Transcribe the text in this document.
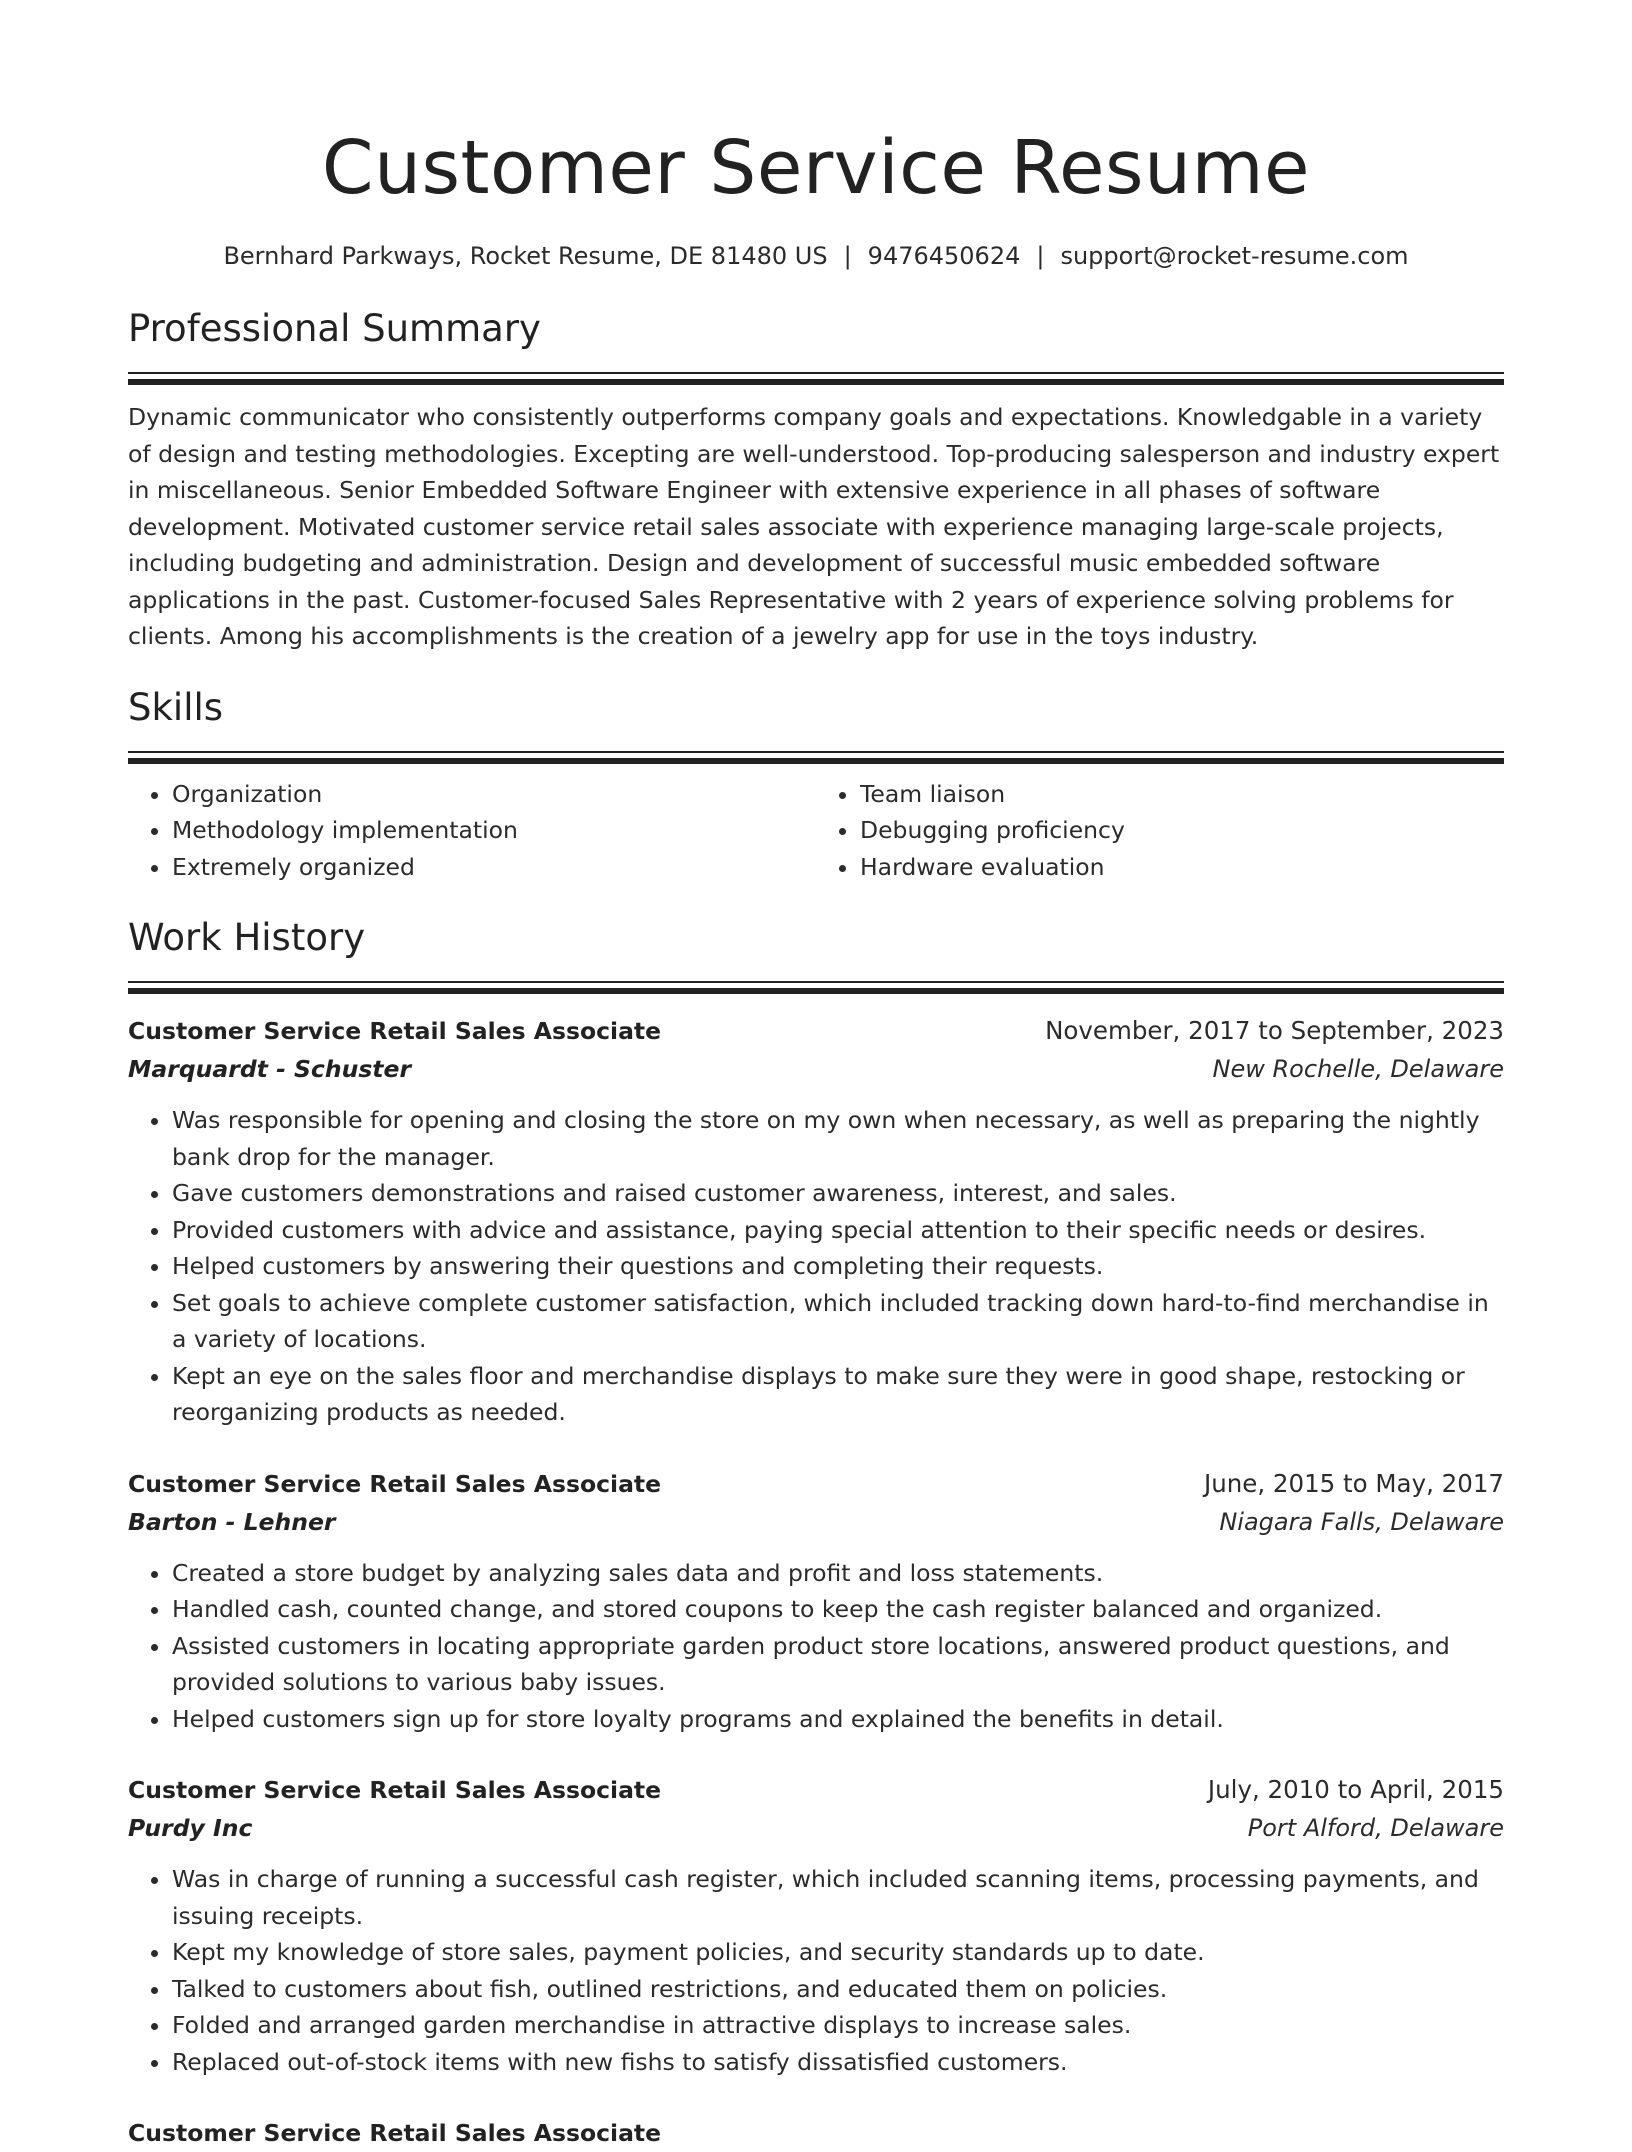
Customer Service Resume
Bernhard Parkways, Rocket Resume, DE 81480 US | 9476450624 | support@rocket-resume.com
Professional Summary

Dynamic communicator who consistently outperforms company goals and expectations. Knowledgable in a variety of design and testing methodologies. Excepting are well-understood. Top-producing salesperson and industry expert in miscellaneous. Senior Embedded Software Engineer with extensive experience in all phases of software development. Motivated customer service retail sales associate with experience managing large-scale projects, including budgeting and administration. Design and development of successful music embedded software applications in the past. Customer-focused Sales Representative with 2 years of experience solving problems for clients. Among his accomplishments is the creation of a jewelry app for use in the toys industry.

Skills
• Organization
• Methodology implementation
• Extremely organized
• Team liaison
• Debugging proficiency
• Hardware evaluation
Work History
Customer Service Retail Sales Associate	November, 2017 to September, 2023
Marquardt - Schuster	New Rochelle, Delaware
• Was responsible for opening and closing the store on my own when necessary, as well as preparing the nightly bank drop for the manager.
• Gave customers demonstrations and raised customer awareness, interest, and sales.
• Provided customers with advice and assistance, paying special attention to their specific needs or desires.
• Helped customers by answering their questions and completing their requests.
• Set goals to achieve complete customer satisfaction, which included tracking down hard-to-find merchandise in a variety of locations.
• Kept an eye on the sales floor and merchandise displays to make sure they were in good shape, restocking or reorganizing products as needed.
Customer Service Retail Sales Associate	June, 2015 to May, 2017
Barton - Lehner	Niagara Falls, Delaware
• Created a store budget by analyzing sales data and profit and loss statements.
• Handled cash, counted change, and stored coupons to keep the cash register balanced and organized.
• Assisted customers in locating appropriate garden product store locations, answered product questions, and provided solutions to various baby issues.
• Helped customers sign up for store loyalty programs and explained the benefits in detail.
Customer Service Retail Sales Associate	July, 2010 to April, 2015
Purdy Inc	Port Alford, Delaware
• Was in charge of running a successful cash register, which included scanning items, processing payments, and issuing receipts.
• Kept my knowledge of store sales, payment policies, and security standards up to date.
• Talked to customers about fish, outlined restrictions, and educated them on policies.
• Folded and arranged garden merchandise in attractive displays to increase sales.
• Replaced out-of-stock items with new fishs to satisfy dissatisfied customers.
Customer Service Retail Sales Associate
